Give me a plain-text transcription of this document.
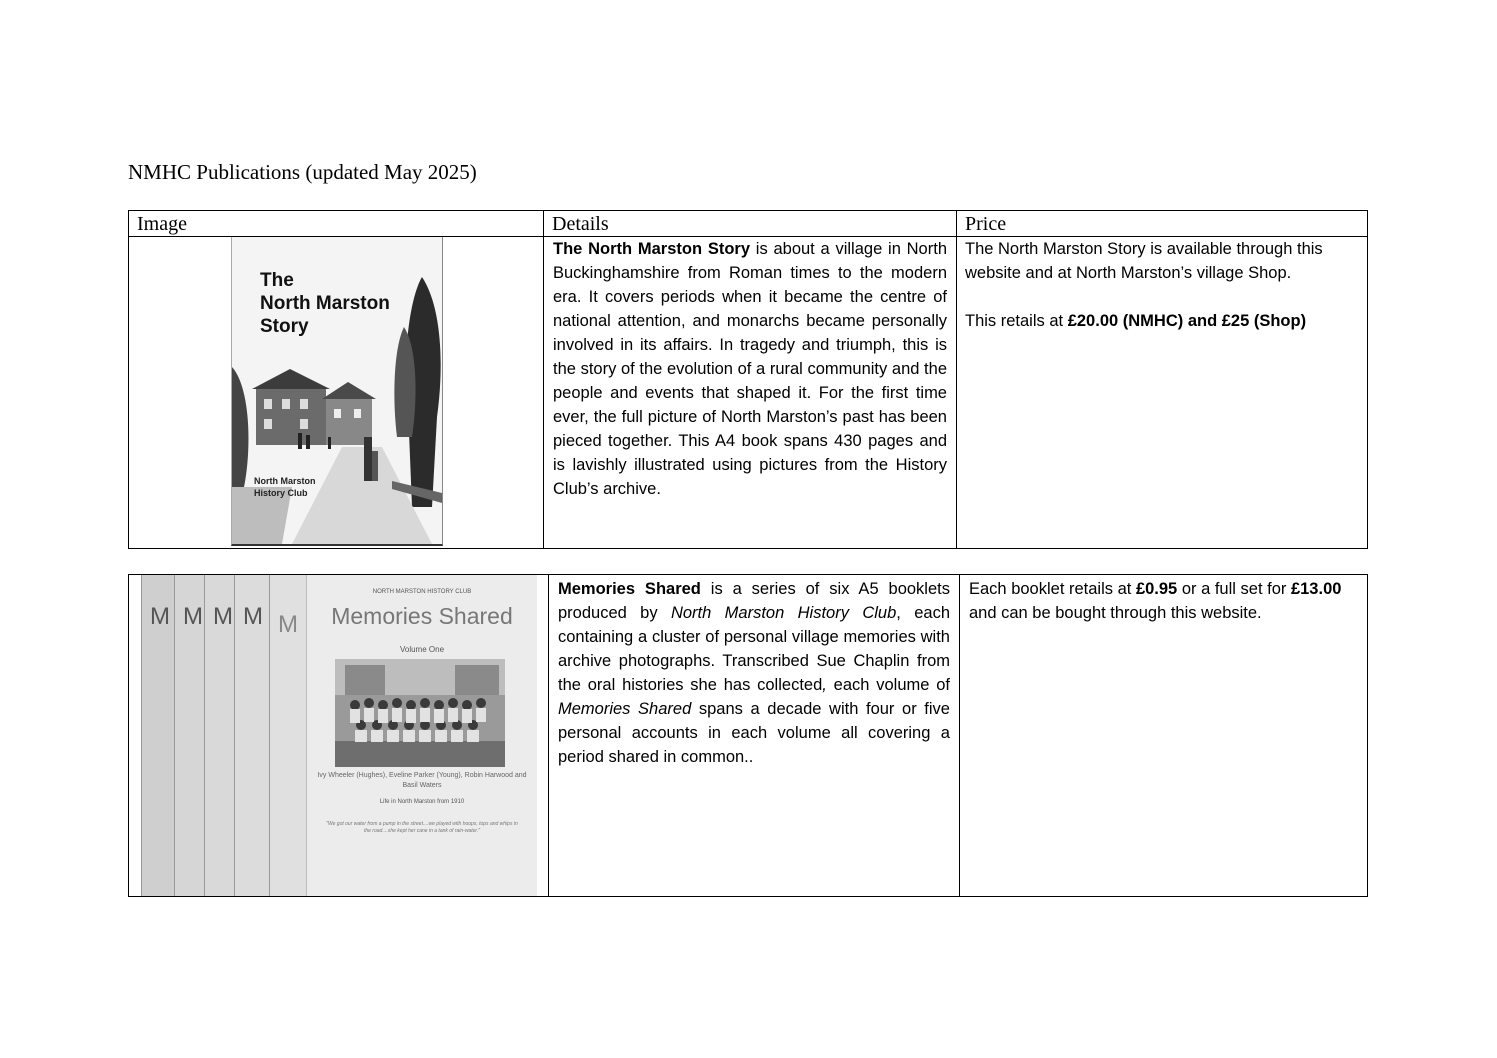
NMHC Publications (updated May 2025)
Image	Details	Price
The
North Marston
Story
North Marston
History Club
The North Marston Story is about a village in North Buckinghamshire from Roman times to the modern era. It covers periods when it became the centre of national attention, and monarchs became personally involved in its affairs. In tragedy and triumph, this is the story of the evolution of a rural community and the people and events that shaped it. For the first time ever, the full picture of North Marston’s past has been pieced together. This A4 book spans 430 pages and is lavishly illustrated using pictures from the History Club’s archive.
The North Marston Story is available through this website and at North Marston’s village Shop.
This retails at £20.00 (NMHC) and £25 (Shop)
M M M M M
NORTH MARSTON HISTORY CLUB
Memories Shared
Volume One
Ivy Wheeler (Hughes), Eveline Parker (Young), Robin Harwood and Basil Waters
Life in North Marston from 1910
"We got our water from a pump in the street....we played with hoops, tops and whips in the road....she kept her cane in a tank of rain-water."
Memories Shared is a series of six A5 booklets produced by North Marston History Club, each containing a cluster of personal village memories with archive photographs. Transcribed Sue Chaplin from the oral histories she has collected, each volume of Memories Shared spans a decade with four or five personal accounts in each volume all covering a period shared in common..
Each booklet retails at £0.95 or a full set for £13.00 and can be bought through this website.
